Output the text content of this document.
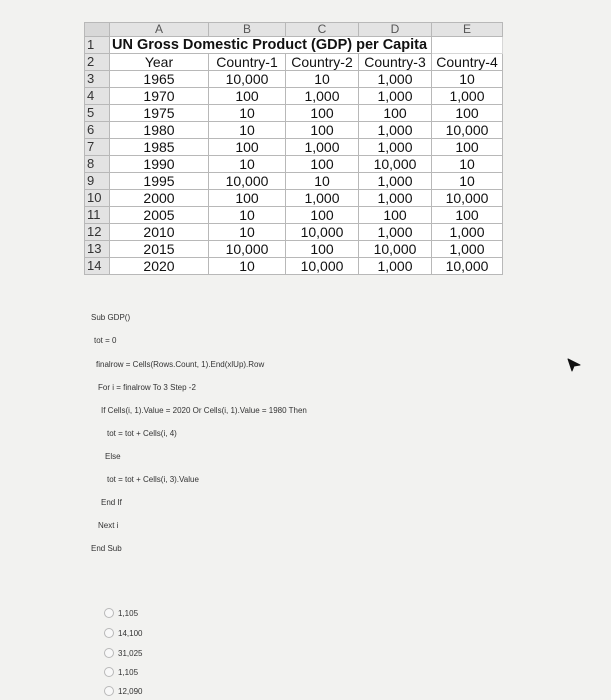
	A	B	C	D	E
1	UN Gross Domestic Product (GDP) per Capita				
2	Year	Country-1	Country-2	Country-3	Country-4
3	1965	10,000	10	1,000	10
4	1970	100	1,000	1,000	1,000
5	1975	10	100	100	100
6	1980	10	100	1,000	10,000
7	1985	100	1,000	1,000	100
8	1990	10	100	10,000	10
9	1995	10,000	10	1,000	10
10	2000	100	1,000	1,000	10,000
11	2005	10	100	100	100
12	2010	10	10,000	1,000	1,000
13	2015	10,000	100	10,000	1,000
14	2020	10	10,000	1,000	10,000
Sub GDP()
tot = 0
finalrow = Cells(Rows.Count, 1).End(xlUp).Row
For i = finalrow To 3 Step -2
If Cells(i, 1).Value = 2020 Or Cells(i, 1).Value = 1980 Then
tot = tot + Cells(i, 4)
Else
tot = tot + Cells(i, 3).Value
End If
Next i
End Sub
1,105
14,100
31,025
1,105
12,090
